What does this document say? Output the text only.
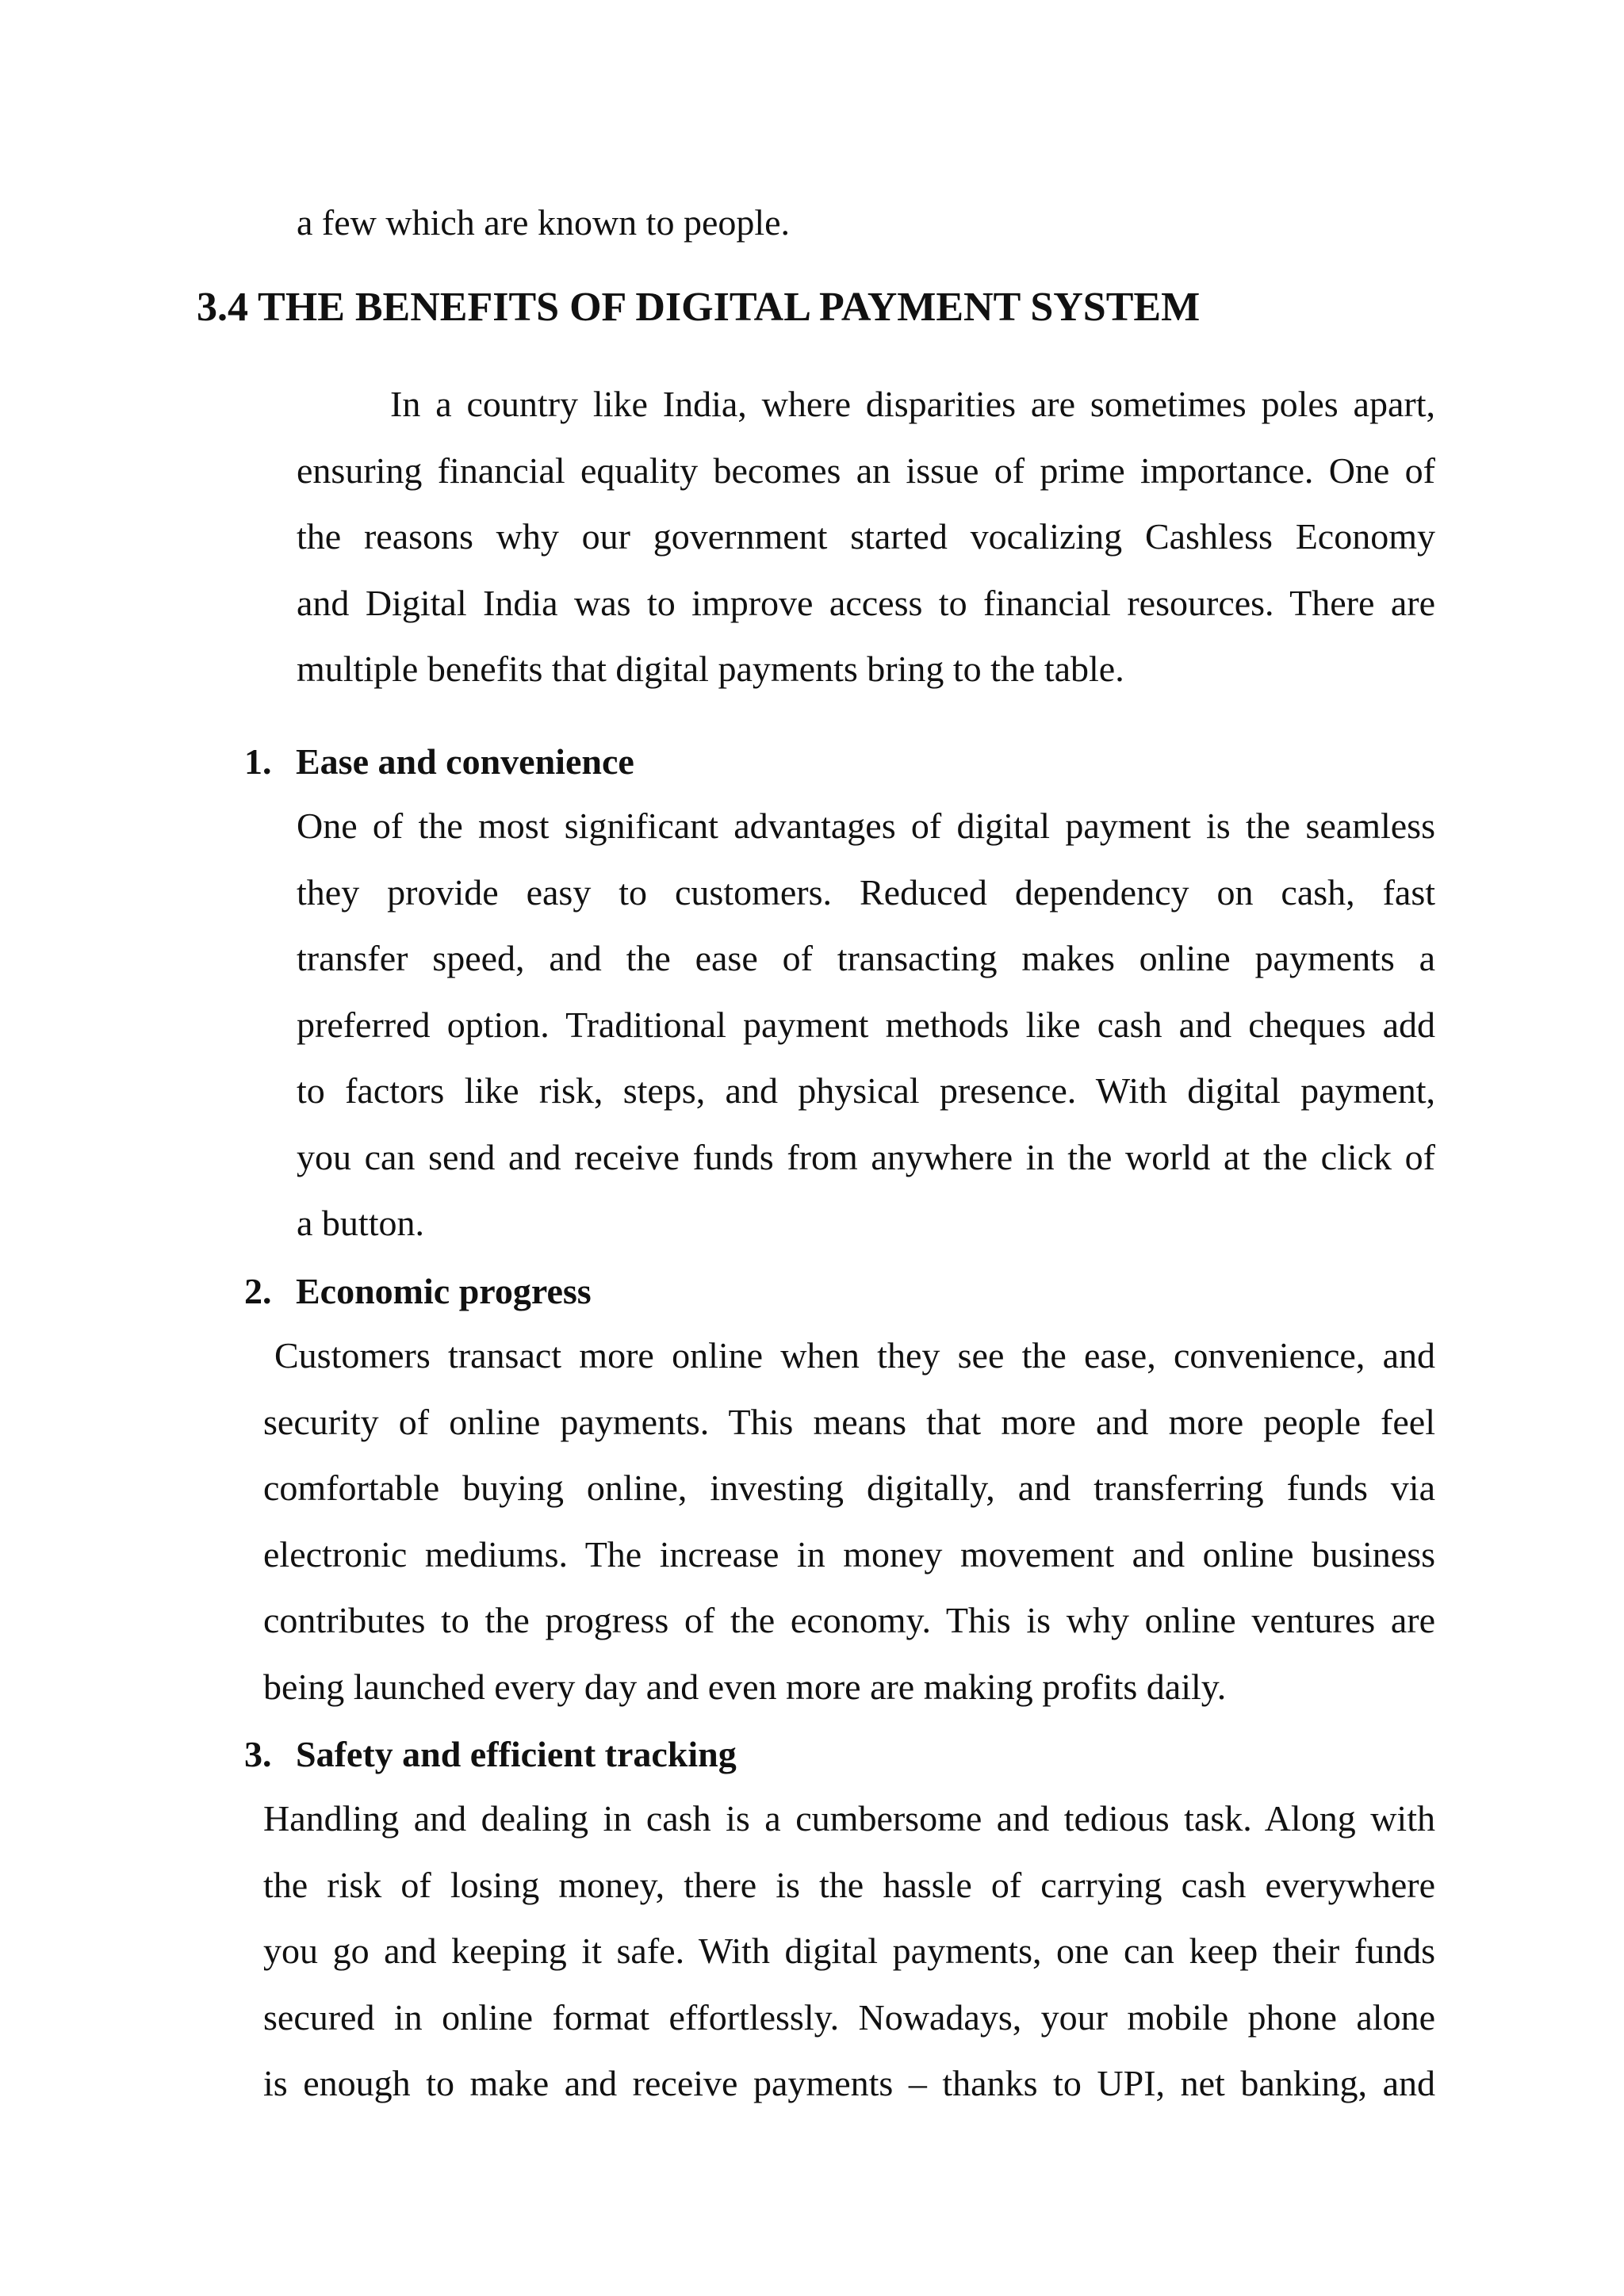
a few which are known to people.
3.4 THE BENEFITS OF DIGITAL PAYMENT SYSTEM
In a country like India, where disparities are sometimes poles apart,
ensuring financial equality becomes an issue of prime importance. One of
the reasons why our government started vocalizing Cashless Economy
and Digital India was to improve access to financial resources. There are
multiple benefits that digital payments bring to the table.
1. Ease and convenience
One of the most significant advantages of digital payment is the seamless
they provide easy to customers. Reduced dependency on cash, fast
transfer speed, and the ease of transacting makes online payments a
preferred option. Traditional payment methods like cash and cheques add
to factors like risk, steps, and physical presence. With digital payment,
you can send and receive funds from anywhere in the world at the click of
a button.
2. Economic progress
Customers transact more online when they see the ease, convenience, and
security of online payments. This means that more and more people feel
comfortable buying online, investing digitally, and transferring funds via
electronic mediums. The increase in money movement and online business
contributes to the progress of the economy. This is why online ventures are
being launched every day and even more are making profits daily.
3. Safety and efficient tracking
Handling and dealing in cash is a cumbersome and tedious task. Along with
the risk of losing money, there is the hassle of carrying cash everywhere
you go and keeping it safe. With digital payments, one can keep their funds
secured in online format effortlessly. Nowadays, your mobile phone alone
is enough to make and receive payments – thanks to UPI, net banking, and
